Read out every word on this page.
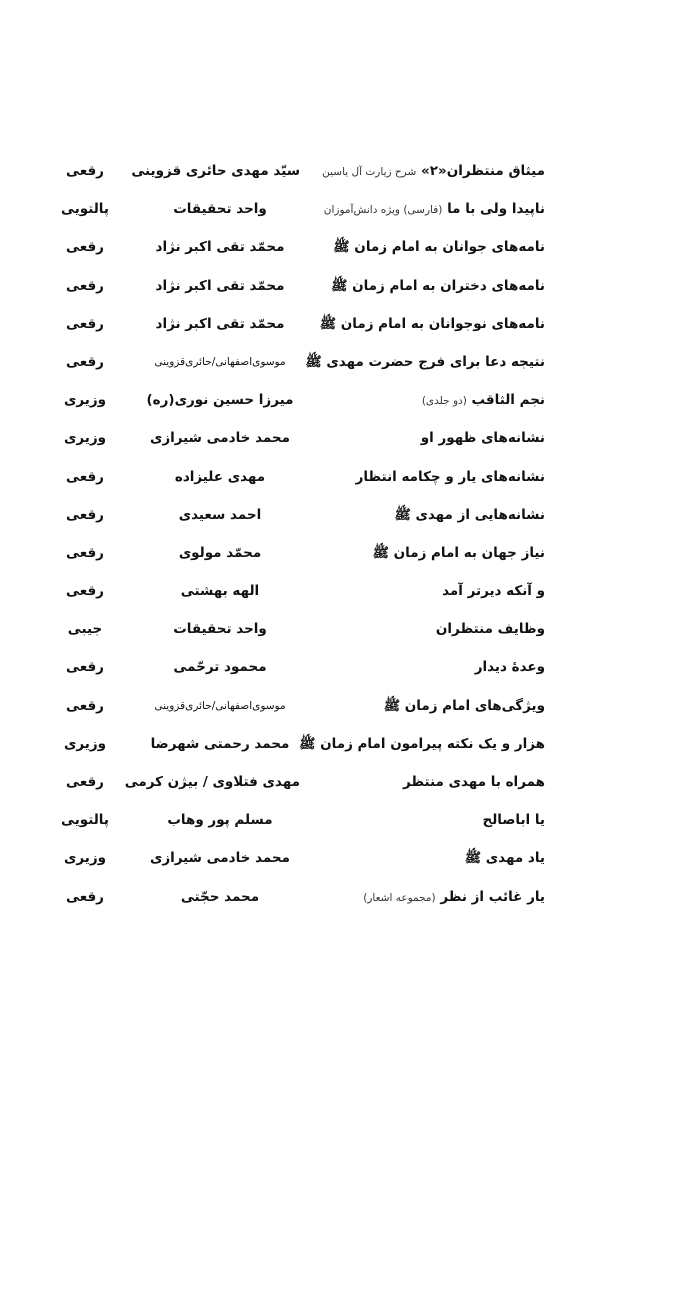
میثاق منتظران«۲» شرح زیارت آل یاسین
سیّد مهدی حائری قزوینی
رقعی
ناپیدا ولی با ما (فارسی) ویژه دانش‌آموزان
واحد تحقیقات
پالتویی
نامه‌های جوانان به امام زمان ﷺ
محمّد تقی اکبر نژاد
رقعی
نامه‌های دختران به امام زمان ﷺ
محمّد تقی اکبر نژاد
رقعی
نامه‌های نوجوانان به امام زمان ﷺ
محمّد تقی اکبر نژاد
رقعی
نتیجه دعا برای فرج حضرت مهدی ﷺ
موسوی‌اصفهانی/حائری‌قزوینی
رقعی
نجم الثاقب (دو جلدی)
میرزا حسین نوری(ره)
وزیری
نشانه‌های ظهور او
محمد خادمی شیرازی
وزیری
نشانه‌های یار و چکامه انتظار
مهدی علیزاده
رقعی
نشانه‌هایی از مهدی ﷺ
احمد سعیدی
رقعی
نیاز جهان به امام زمان ﷺ
محمّد مولوی
رقعی
و آنکه دیرتر آمد
الهه بهشتی
رقعی
وظایف منتظران
واحد تحقیقات
جیبی
وعدهٔ دیدار
محمود ترحّمی
رقعی
ویژگی‌های امام زمان ﷺ
موسوی‌اصفهانی/حائری‌قزوینی
رقعی
هزار و یک نکته پیرامون امام زمان ﷺ
محمد رحمتی شهرضا
وزیری
همراه با مهدی منتظر
مهدی فتلاوی / بیژن کرمی
رقعی
یا اباصالح
مسلم پور وهاب
پالتویی
یاد مهدی ﷺ
محمد خادمی شیرازی
وزیری
یار غائب از نظر (مجموعه اشعار)
محمد حجّتی
رقعی
